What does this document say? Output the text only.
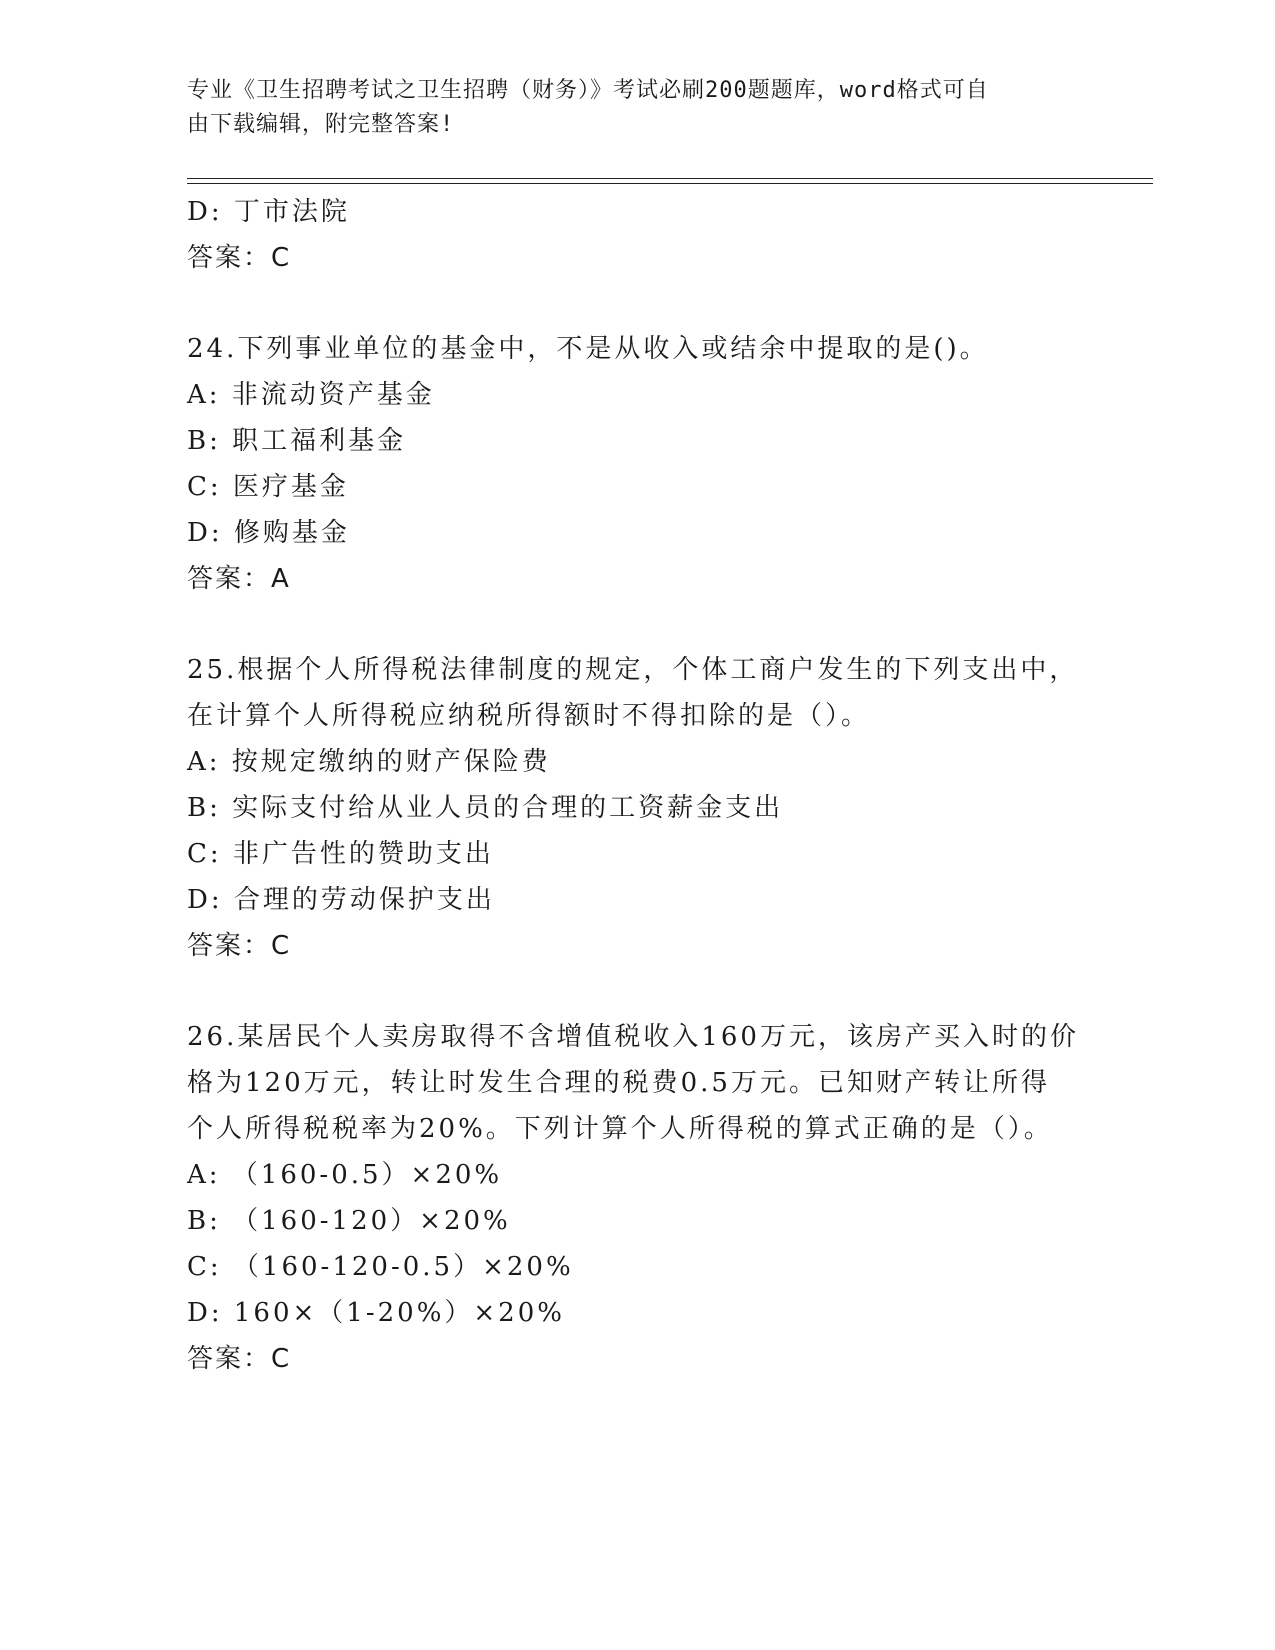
专业《卫生招聘考试之卫生招聘（财务）》考试必刷200题题库，word格式可自
由下载编辑，附完整答案!
D: 丁市法院
答案：C
24.下列事业单位的基金中，不是从收入或结余中提取的是()。
A: 非流动资产基金
B: 职工福利基金
C: 医疗基金
D: 修购基金
答案：A
25.根据个人所得税法律制度的规定，个体工商户发生的下列支出中，
在计算个人所得税应纳税所得额时不得扣除的是（）。
A: 按规定缴纳的财产保险费
B: 实际支付给从业人员的合理的工资薪金支出
C: 非广告性的赞助支出
D: 合理的劳动保护支出
答案：C
26.某居民个人卖房取得不含增值税收入160万元，该房产买入时的价
格为120万元，转让时发生合理的税费0.5万元。已知财产转让所得
个人所得税税率为20%。下列计算个人所得税的算式正确的是（）。
A: （160-0.5）×20%
B: （160-120）×20%
C: （160-120-0.5）×20%
D: 160×（1-20%）×20%
答案：C
